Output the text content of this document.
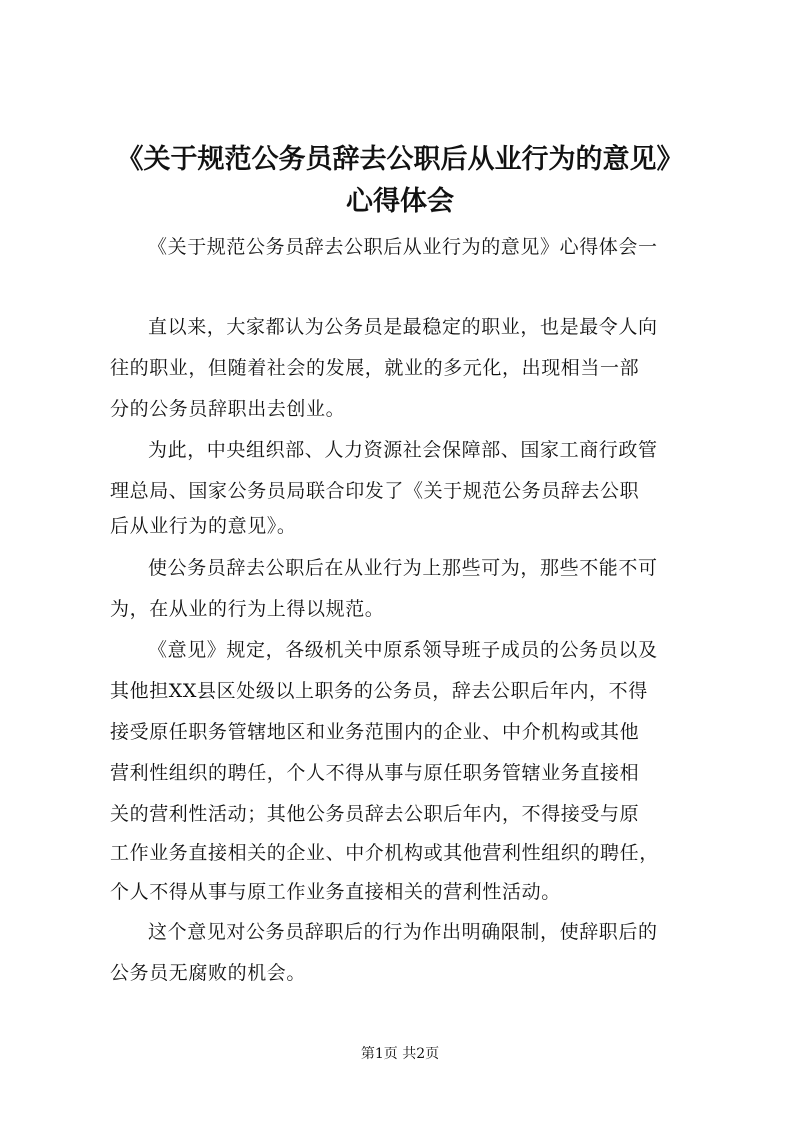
《关于规范公务员辞去公职后从业行为的意见》
心得体会
《关于规范公务员辞去公职后从业行为的意见》心得体会一
直以来，大家都认为公务员是最稳定的职业，也是最令人向
往的职业，但随着社会的发展，就业的多元化，出现相当一部
分的公务员辞职出去创业。
为此，中央组织部、人力资源社会保障部、国家工商行政管
理总局、国家公务员局联合印发了《关于规范公务员辞去公职
后从业行为的意见》。
使公务员辞去公职后在从业行为上那些可为，那些不能不可
为，在从业的行为上得以规范。
《意见》规定，各级机关中原系领导班子成员的公务员以及
其他担XX县区处级以上职务的公务员，辞去公职后年内，不得
接受原任职务管辖地区和业务范围内的企业、中介机构或其他
营利性组织的聘任，个人不得从事与原任职务管辖业务直接相
关的营利性活动；其他公务员辞去公职后年内，不得接受与原
工作业务直接相关的企业、中介机构或其他营利性组织的聘任，
个人不得从事与原工作业务直接相关的营利性活动。
这个意见对公务员辞职后的行为作出明确限制，使辞职后的
公务员无腐败的机会。
第1页 共2页
